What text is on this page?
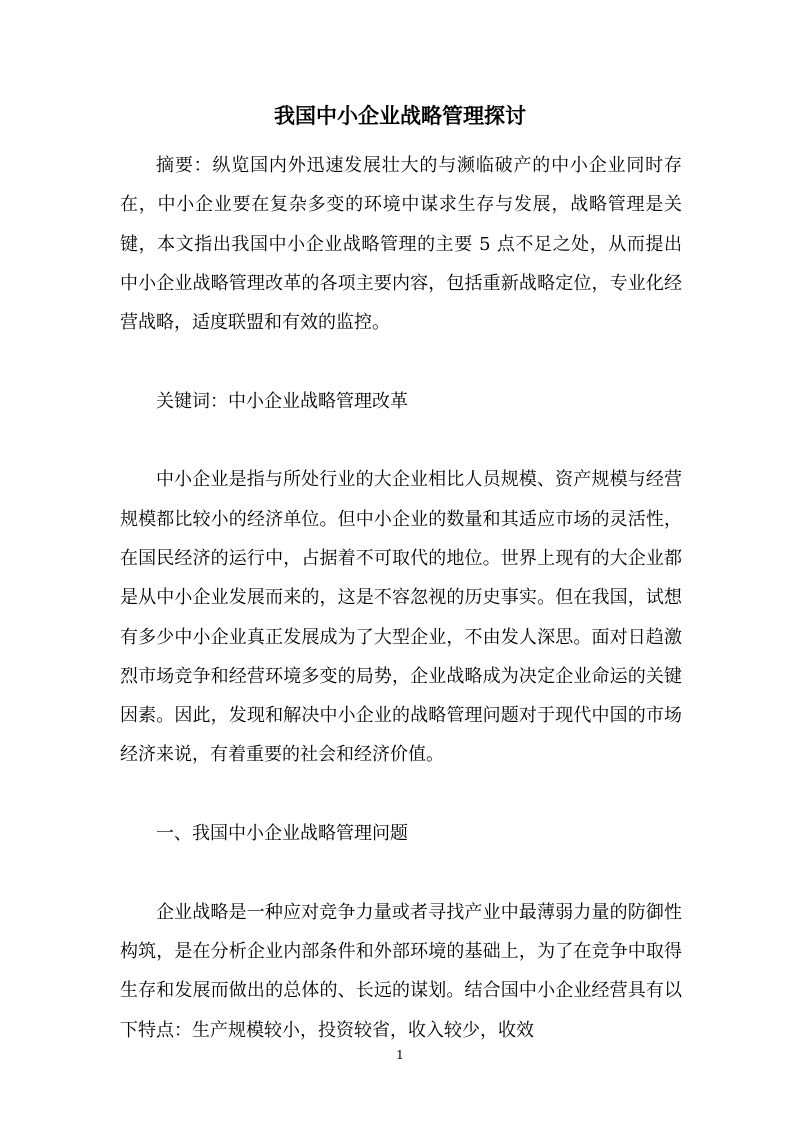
我国中小企业战略管理探讨

摘要：纵览国内外迅速发展壮大的与濒临破产的中小企业同时存在，中小企业要在复杂多变的环境中谋求生存与发展，战略管理是关键，本文指出我国中小企业战略管理的主要 5 点不足之处，从而提出中小企业战略管理改革的各项主要内容，包括重新战略定位，专业化经营战略，适度联盟和有效的监控。

关键词：中小企业战略管理改革

中小企业是指与所处行业的大企业相比人员规模、资产规模与经营规模都比较小的经济单位。但中小企业的数量和其适应市场的灵活性，在国民经济的运行中，占据着不可取代的地位。世界上现有的大企业都是从中小企业发展而来的，这是不容忽视的历史事实。但在我国，试想有多少中小企业真正发展成为了大型企业，不由发人深思。面对日趋激烈市场竞争和经营环境多变的局势，企业战略成为决定企业命运的关键因素。因此，发现和解决中小企业的战略管理问题对于现代中国的市场经济来说，有着重要的社会和经济价值。

一、我国中小企业战略管理问题

企业战略是一种应对竞争力量或者寻找产业中最薄弱力量的防御性构筑，是在分析企业内部条件和外部环境的基础上，为了在竞争中取得生存和发展而做出的总体的、长远的谋划。结合国中小企业经营具有以下特点：生产规模较小，投资较省，收入较少，收效

1
